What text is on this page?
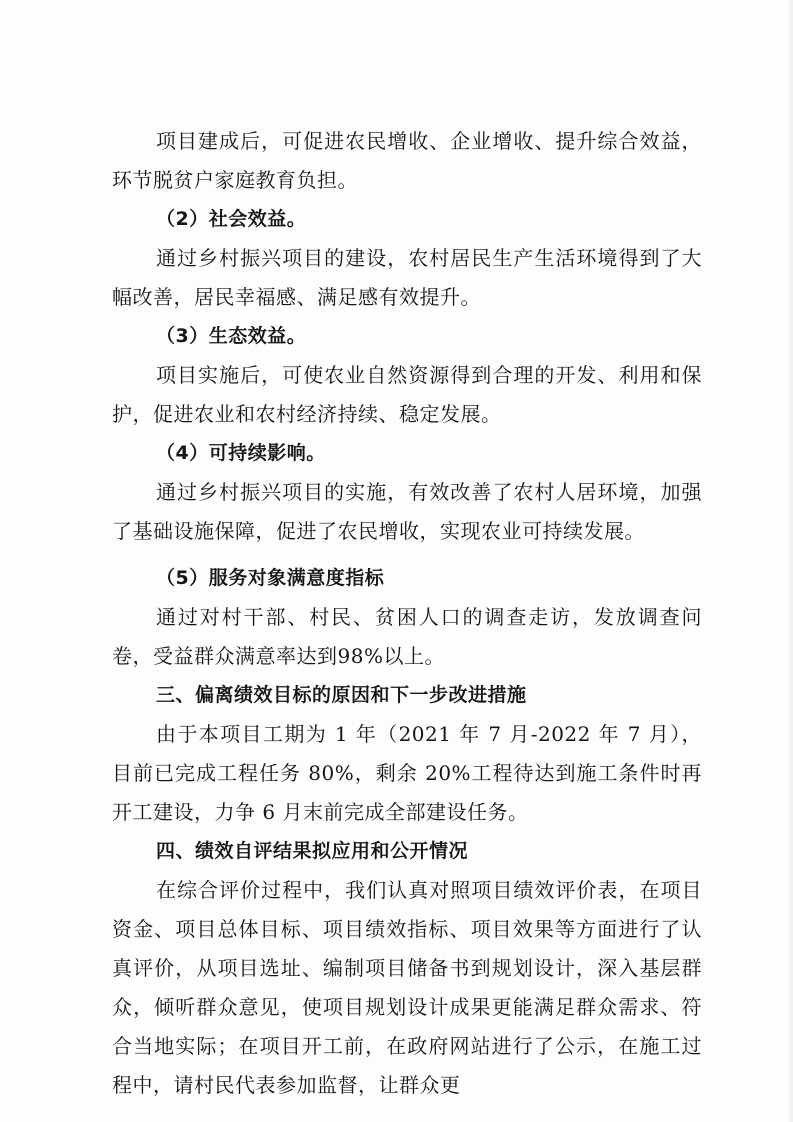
项目建成后，可促进农民增收、企业增收、提升综合效益，环节脱贫户家庭教育负担。

（2）社会效益。

通过乡村振兴项目的建设，农村居民生产生活环境得到了大幅改善，居民幸福感、满足感有效提升。

（3）生态效益。

项目实施后，可使农业自然资源得到合理的开发、利用和保护，促进农业和农村经济持续、稳定发展。

（4）可持续影响。

通过乡村振兴项目的实施，有效改善了农村人居环境，加强了基础设施保障，促进了农民增收，实现农业可持续发展。

（5）服务对象满意度指标

通过对村干部、村民、贫困人口的调查走访，发放调查问卷，受益群众满意率达到98%以上。

三、偏离绩效目标的原因和下一步改进措施

由于本项目工期为 1 年（2021 年 7 月-2022 年 7 月），目前已完成工程任务 80%，剩余 20%工程待达到施工条件时再开工建设，力争 6 月末前完成全部建设任务。

四、绩效自评结果拟应用和公开情况

在综合评价过程中，我们认真对照项目绩效评价表，在项目资金、项目总体目标、项目绩效指标、项目效果等方面进行了认真评价，从项目选址、编制项目储备书到规划设计，深入基层群众，倾听群众意见，使项目规划设计成果更能满足群众需求、符合当地实际；在项目开工前，在政府网站进行了公示，在施工过程中，请村民代表参加监督，让群众更
